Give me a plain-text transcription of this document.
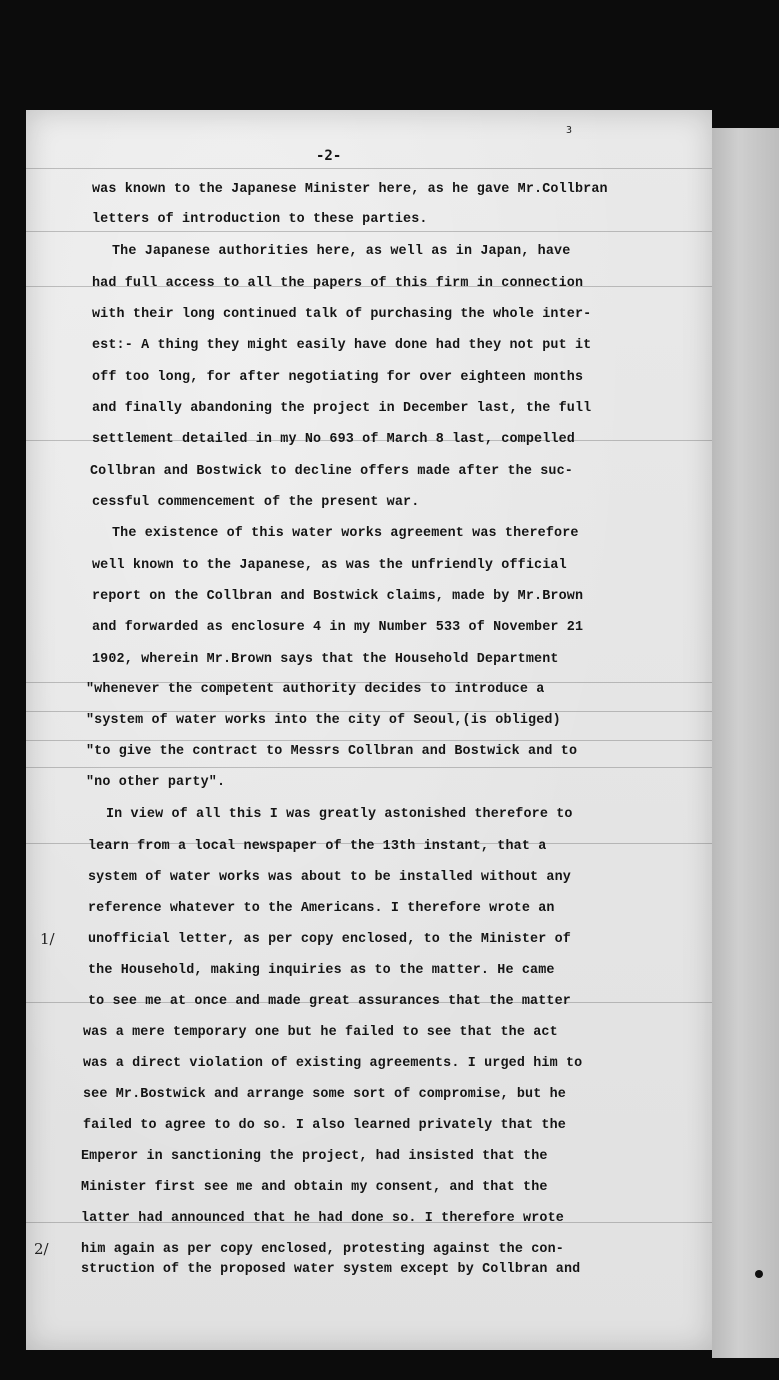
3
-2-
was known to the Japanese Minister here, as he gave Mr.Collbran
letters of introduction to these parties.
The Japanese authorities here, as well as in Japan, have
had full access to all the papers of this firm in connection
with their long continued talk of purchasing the whole inter-
est:- A thing they might easily have done had they not put it
off too long, for after negotiating for over eighteen months
and finally abandoning the project in December last, the full
settlement detailed in my No 693 of March 8 last, compelled
Collbran and Bostwick to decline offers made after the suc-
cessful commencement of the present war.
The existence of this water works agreement was therefore
well known to the Japanese, as was the unfriendly official
report on the Collbran and Bostwick claims, made by Mr.Brown
and forwarded as enclosure 4 in my Number 533 of November 21
1902, wherein Mr.Brown says that the Household Department
"whenever the competent authority decides to introduce a
"system of water works into the city of Seoul,(is obliged)
"to give the contract to Messrs Collbran and Bostwick and to
"no other party".
In view of all this I was greatly astonished therefore to
learn from a local newspaper of the 13th instant, that a
system of water works was about to be installed without any
reference whatever to the Americans. I therefore wrote an
unofficial letter, as per copy enclosed, to the Minister of
the Household, making inquiries as to the matter. He came
to see me at once and made great assurances that the matter
was a mere temporary one but he failed to see that the act
was a direct violation of existing agreements. I urged him to
see Mr.Bostwick and arrange some sort of compromise, but he
failed to agree to do so. I also learned privately that the
Emperor in sanctioning the project, had insisted that the
Minister first see me and obtain my consent, and that the
latter had announced that he had done so. I therefore wrote
him again as per copy enclosed, protesting against the con-
struction of the proposed water system except by Collbran and
1/
2/
